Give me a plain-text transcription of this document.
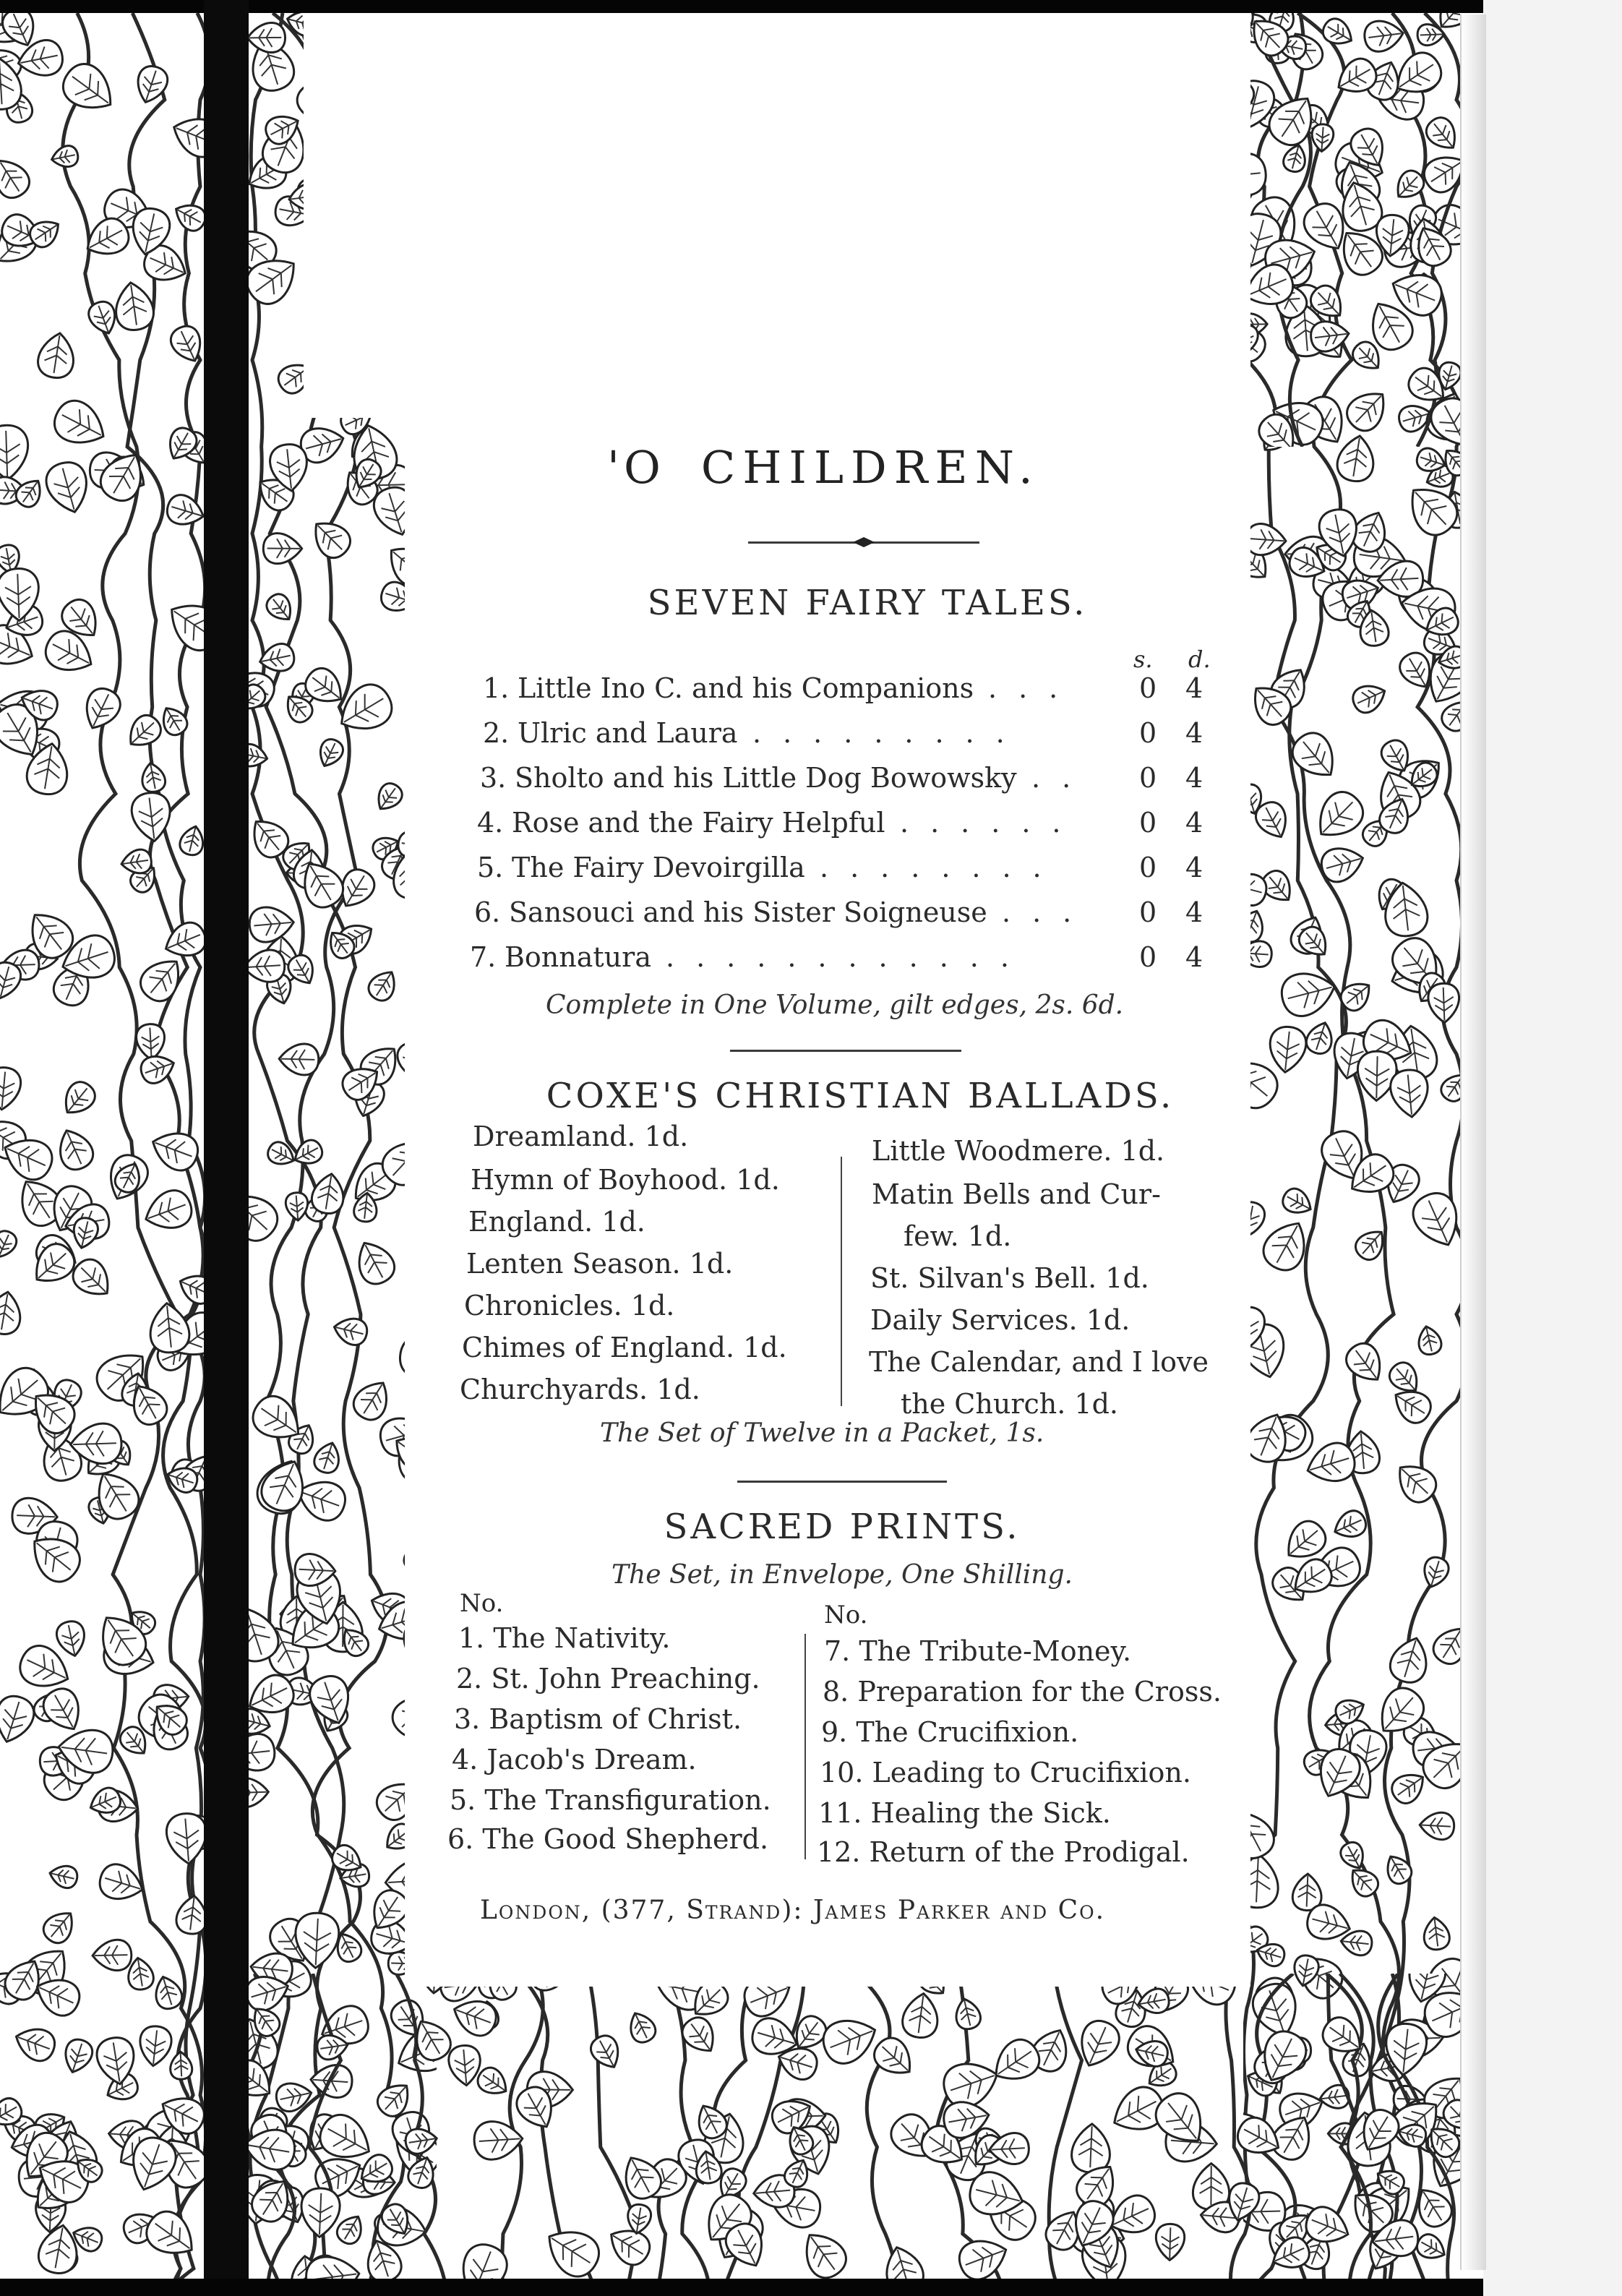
'O CHILDREN.
SEVEN FAIRY TALES.
s. d.
1. Little Ino C. and his Companions ... 0 4
2. Ulric and Laura .........	0 4
3. Sholto and his Little Dog Bowowsky .. 0 4
4. Rose and the Fairy Helpful ...... 0 4
5. The Fairy Devoirgilla ........	0 4
6. Sansouci and his Sister Soigneuse ... 0 4
7. Bonnatura ............	0 4
Complete in One Volume, gilt edges, 2s. 6d.
COXE'S CHRISTIAN BALLADS.
Dreamland. 1d.
Hymn of Boyhood. 1d.
England. 1d.
Lenten Season. 1d.
Chronicles. 1d.
Chimes of England. 1d.
Churchyards. 1d.
Little Woodmere. 1d.
Matin Bells and Cur-
few. 1d.
St. Silvan's Bell. 1d.
Daily Services. 1d.
The Calendar, and I love
the Church. 1d.
The Set of Twelve in a Packet, 1s.
SACRED PRINTS.
The Set, in Envelope, One Shilling.
No.	No.
1. The Nativity.
2. St. John Preaching.
3. Baptism of Christ.
4. Jacob's Dream.
5. The Transfiguration.
6. The Good Shepherd.
7. The Tribute-Money.
8. Preparation for the Cross.
9. The Crucifixion.
10. Leading to Crucifixion.
11. Healing the Sick.
12. Return of the Prodigal.
London, (377, Strand): James Parker and Co.
